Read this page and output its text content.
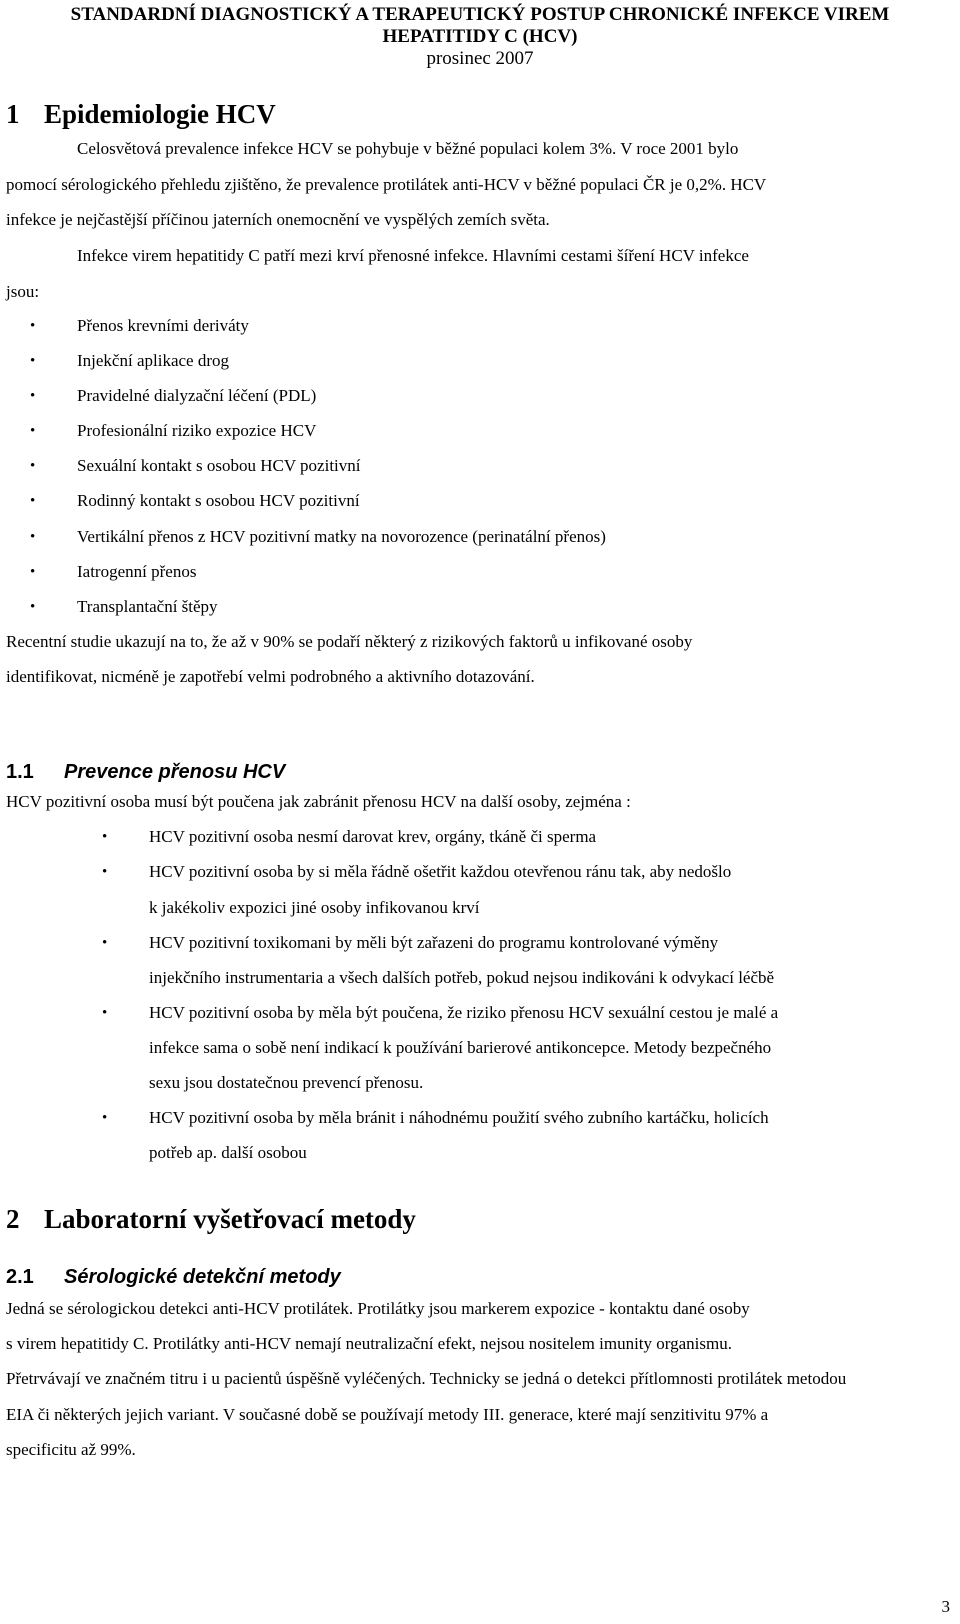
STANDARDNÍ DIAGNOSTICKÝ A TERAPEUTICKÝ POSTUP CHRONICKÉ INFEKCE VIREM
HEPATITIDY C (HCV)
prosinec 2007
1 Epidemiologie HCV
Celosvětová prevalence infekce HCV se pohybuje v běžné populaci kolem 3%. V roce 2001 bylo
pomocí sérologického přehledu zjištěno, že prevalence protilátek anti-HCV v běžné populaci ČR je 0,2%. HCV
infekce je nejčastější příčinou jaterních onemocnění ve vyspělých zemích světa.
Infekce virem hepatitidy C patří mezi krví přenosné infekce. Hlavními cestami šíření HCV infekce
jsou:
• Přenos krevními deriváty
• Injekční aplikace drog
• Pravidelné dialyzační léčení (PDL)
• Profesionální riziko expozice HCV
• Sexuální kontakt s osobou HCV pozitivní
• Rodinný kontakt s osobou HCV pozitivní
• Vertikální přenos z HCV pozitivní matky na novorozence (perinatální přenos)
• Iatrogenní přenos
• Transplantační štěpy
Recentní studie ukazují na to, že až v 90% se podaří některý z rizikových faktorů u infikované osoby
identifikovat, nicméně je zapotřebí velmi podrobného a aktivního dotazování.
1.1 Prevence přenosu HCV
HCV pozitivní osoba musí být poučena jak zabránit přenosu HCV na další osoby, zejména :
• HCV pozitivní osoba nesmí darovat krev, orgány, tkáně či sperma
• HCV pozitivní osoba by si měla řádně ošetřit každou otevřenou ránu tak, aby nedošlo
k jakékoliv expozici jiné osoby infikovanou krví
• HCV pozitivní toxikomani by měli být zařazeni do programu kontrolované výměny
injekčního instrumentaria a všech dalších potřeb, pokud nejsou indikováni k odvykací léčbě
• HCV pozitivní osoba by měla být poučena, že riziko přenosu HCV sexuální cestou je malé a
infekce sama o sobě není indikací k používání barierové antikoncepce. Metody bezpečného
sexu jsou dostatečnou prevencí přenosu.
• HCV pozitivní osoba by měla bránit i náhodnému použití svého zubního kartáčku, holicích
potřeb ap. další osobou
2 Laboratorní vyšetřovací metody
2.1 Sérologické detekční metody
Jedná se sérologickou detekci anti-HCV protilátek. Protilátky jsou markerem expozice - kontaktu dané osoby
s virem hepatitidy C. Protilátky anti-HCV nemají neutralizační efekt, nejsou nositelem imunity organismu.
Přetrvávají ve značném titru i u pacientů úspěšně vyléčených. Technicky se jedná o detekci přítlomnosti protilátek metodou
EIA či některých jejich variant. V současné době se používají metody III. generace, které mají senzitivitu 97% a
specificitu až 99%.
3
